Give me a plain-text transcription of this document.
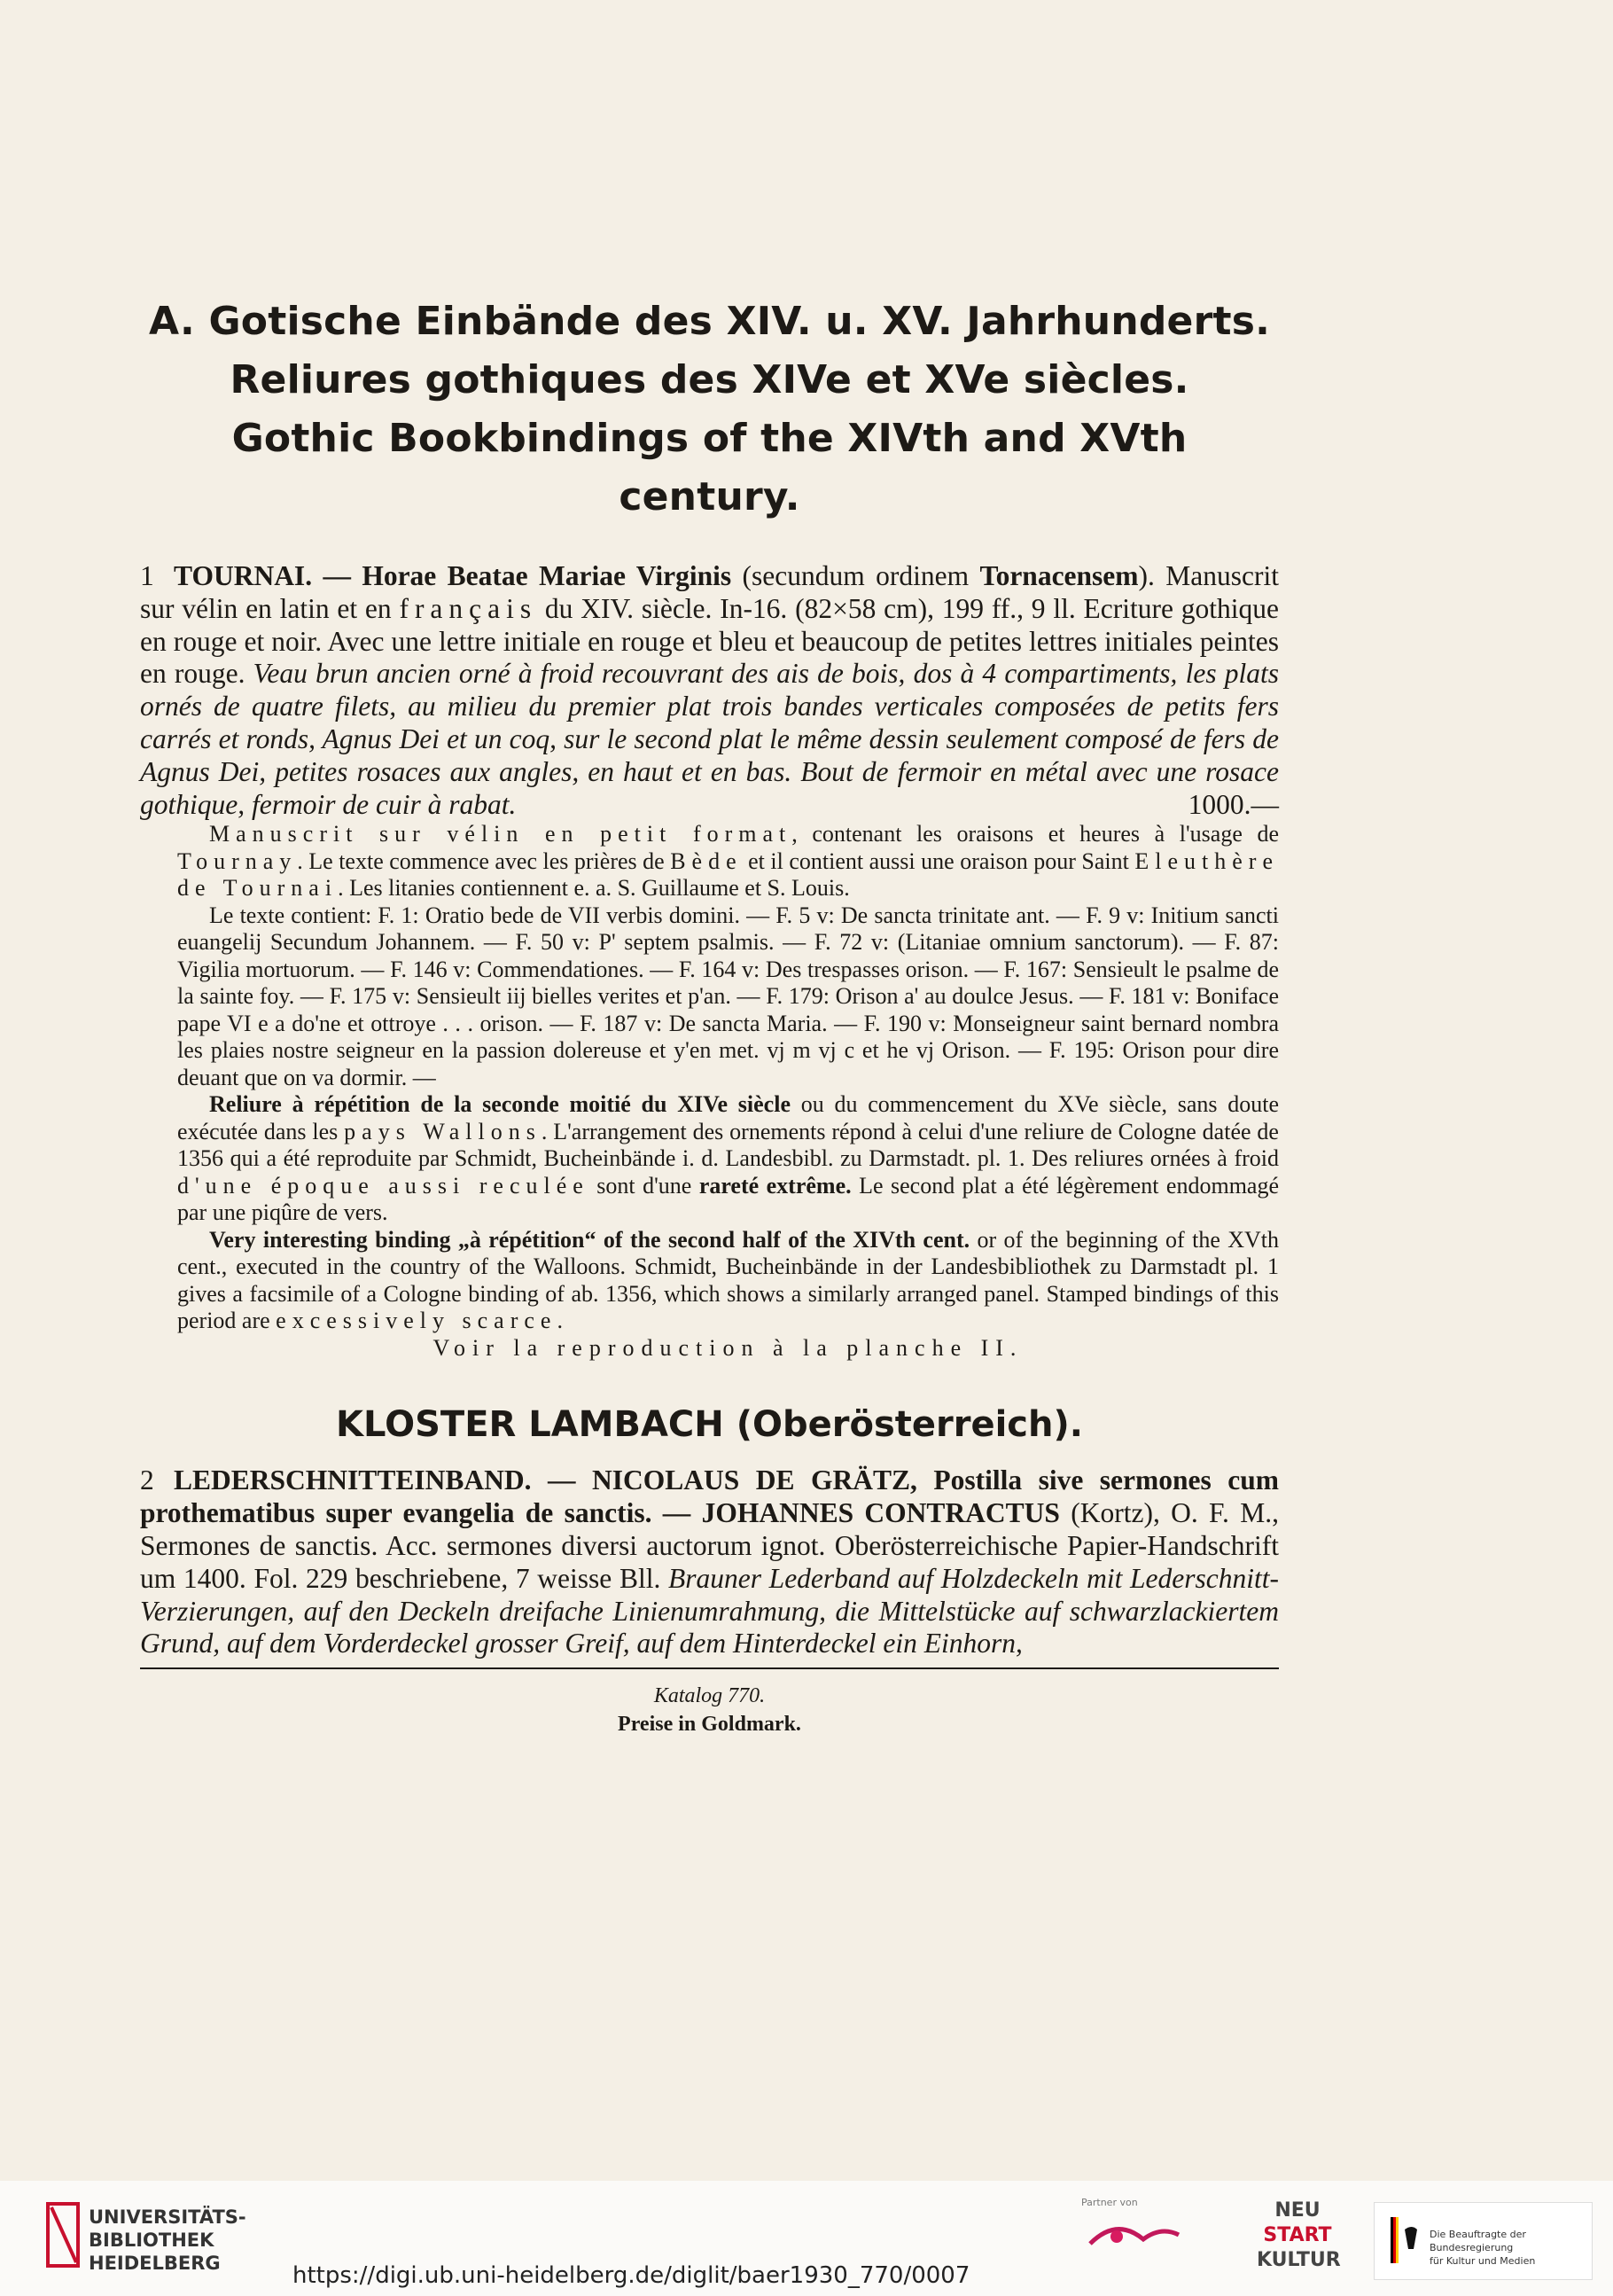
A. Gotische Einbände des XIV. u. XV. Jahrhunderts.
Reliures gothiques des XIVe et XVe siècles.
Gothic Bookbindings of the XIVth and XVth century.

1 TOURNAI. — Horae Beatae Mariae Virginis (secundum ordinem Tornacensem). Manuscrit sur vélin en latin et en français du XIV. siècle. In-16. (82×58 cm), 199 ff., 9 ll. Ecriture gothique en rouge et noir. Avec une lettre initiale en rouge et bleu et beaucoup de petites lettres initiales peintes en rouge. Veau brun ancien orné à froid recouvrant des ais de bois, dos à 4 compartiments, les plats ornés de quatre filets, au milieu du premier plat trois bandes verticales composées de petits fers carrés et ronds, Agnus Dei et un coq, sur le second plat le même dessin seulement composé de fers de Agnus Dei, petites rosaces aux angles, en haut et en bas. Bout de fermoir en métal avec une rosace gothique, fermoir de cuir à rabat.	1000.—

Manuscrit sur vélin en petit format, contenant les oraisons et heures à l'usage de Tournay. Le texte commence avec les prières de Bède et il contient aussi une oraison pour Saint Eleuthère de Tournai. Les litanies contiennent e. a. S. Guillaume et S. Louis.

Le texte contient: F. 1: Oratio bede de VII verbis domini. — F. 5 v: De sancta trinitate ant. — F. 9 v: Initium sancti euangelij Secundum Johannem. — F. 50 v: P' septem psalmis. — F. 72 v: (Litaniae omnium sanctorum). — F. 87: Vigilia mortuorum. — F. 146 v: Commendationes. — F. 164 v: Des trespasses orison. — F. 167: Sensieult le psalme de la sainte foy. — F. 175 v: Sensieult iij bielles verites et p'an. — F. 179: Orison a' au doulce Jesus. — F. 181 v: Boniface pape VI e a do'ne et ottroye . . . orison. — F. 187 v: De sancta Maria. — F. 190 v: Monseigneur saint bernard nombra les plaies nostre seigneur en la passion dolereuse et y'en met. vj m vj c et he vj Orison. — F. 195: Orison pour dire deuant que on va dormir. —

Reliure à répétition de la seconde moitié du XIVe siècle ou du commencement du XVe siècle, sans doute exécutée dans les pays Wallons. L'arrangement des ornements répond à celui d'une reliure de Cologne datée de 1356 qui a été reproduite par Schmidt, Bucheinbände i. d. Landesbibl. zu Darmstadt. pl. 1. Des reliures ornées à froid d'une époque aussi reculée sont d'une rareté extrême. Le second plat a été légèrement endommagé par une piqûre de vers.

Very interesting binding „à répétition“ of the second half of the XIVth cent. or of the beginning of the XVth cent., executed in the country of the Walloons. Schmidt, Bucheinbände in der Landesbibliothek zu Darmstadt pl. 1 gives a facsimile of a Cologne binding of ab. 1356, which shows a similarly arranged panel. Stamped bindings of this period are excessively scarce.

Voir la reproduction à la planche II.

KLOSTER LAMBACH (Oberösterreich).

2 LEDERSCHNITTEINBAND. — NICOLAUS DE GRÄTZ, Postilla sive sermones cum prothematibus super evangelia de sanctis. — JOHANNES CONTRACTUS (Kortz), O. F. M., Sermones de sanctis. Acc. sermones diversi auctorum ignot. Oberösterreichische Papier-Handschrift um 1400. Fol. 229 beschriebene, 7 weisse Bll. Brauner Lederband auf Holzdeckeln mit Lederschnitt-Verzierungen, auf den Deckeln dreifache Linienumrahmung, die Mittelstücke auf schwarzlackiertem Grund, auf dem Vorderdeckel grosser Greif, auf dem Hinterdeckel ein Einhorn,

Katalog 770.
Preise in Goldmark.
UNIVERSITÄTS-
BIBLIOTHEK
HEIDELBERG	https://digi.ub.uni-heidelberg.de/diglit/baer1930_770/0007
Partner von	NEU
START
KULTUR
Die Beauftragte der Bundesregierung
für Kultur und Medien
